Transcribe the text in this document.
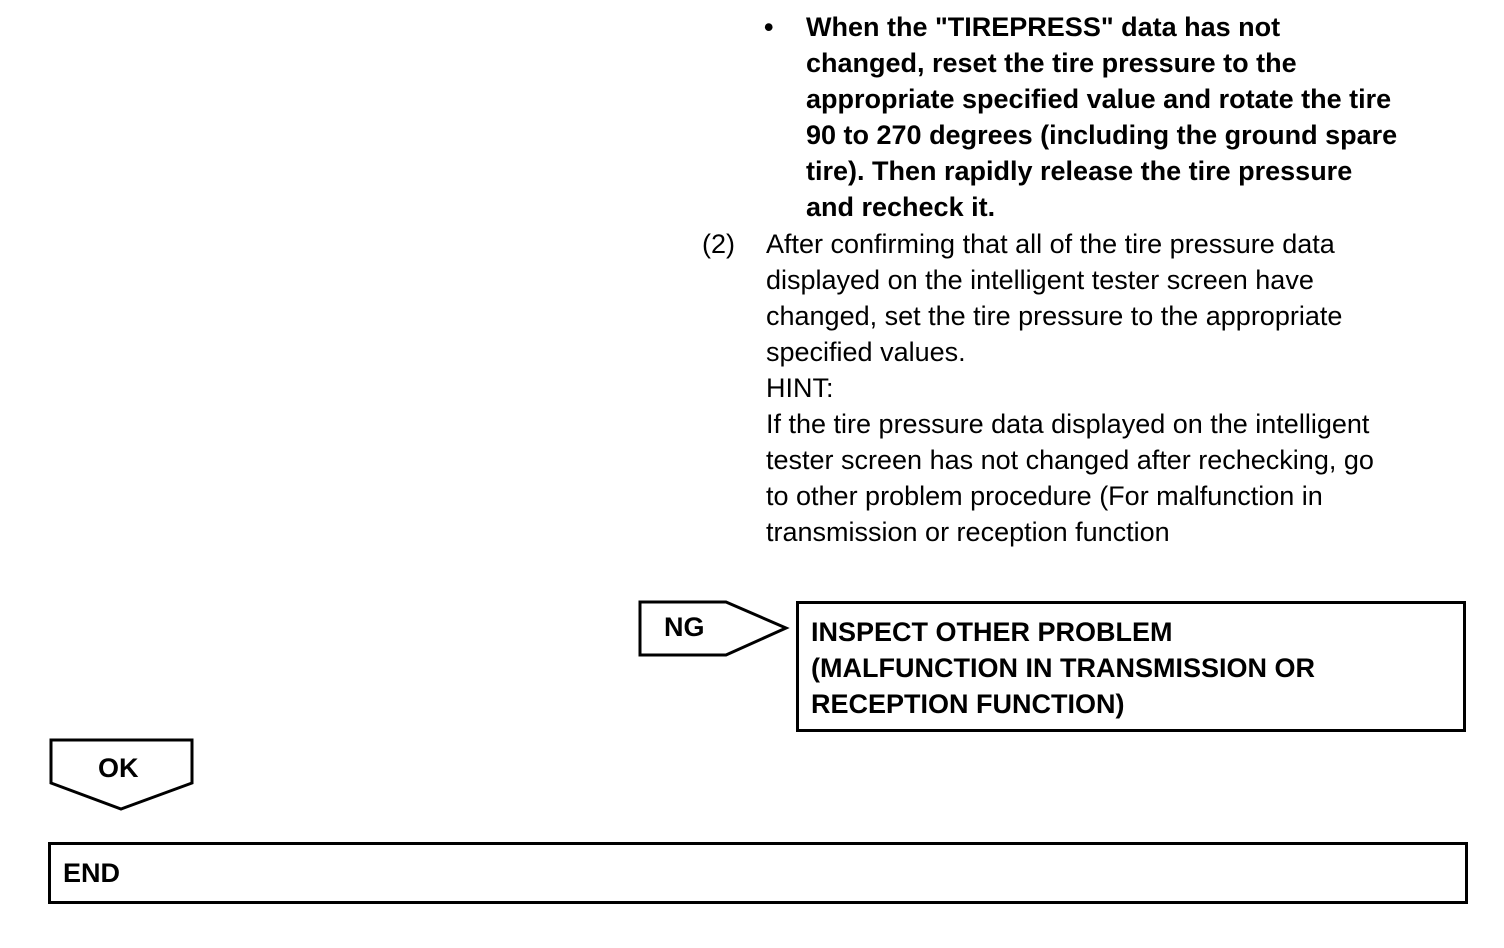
•	When the "TIREPRESS" data has not
changed, reset the tire pressure to the
appropriate specified value and rotate the tire
90 to 270 degrees (including the ground spare
tire). Then rapidly release the tire pressure
and recheck it.
(2) After confirming that all of the tire pressure data
displayed on the intelligent tester screen have
changed, set the tire pressure to the appropriate
specified values.
HINT:
If the tire pressure data displayed on the intelligent
tester screen has not changed after rechecking, go
to other problem procedure (For malfunction in
transmission or reception function
NG	INSPECT OTHER PROBLEM
(MALFUNCTION IN TRANSMISSION OR
RECEPTION FUNCTION)
OK
END
